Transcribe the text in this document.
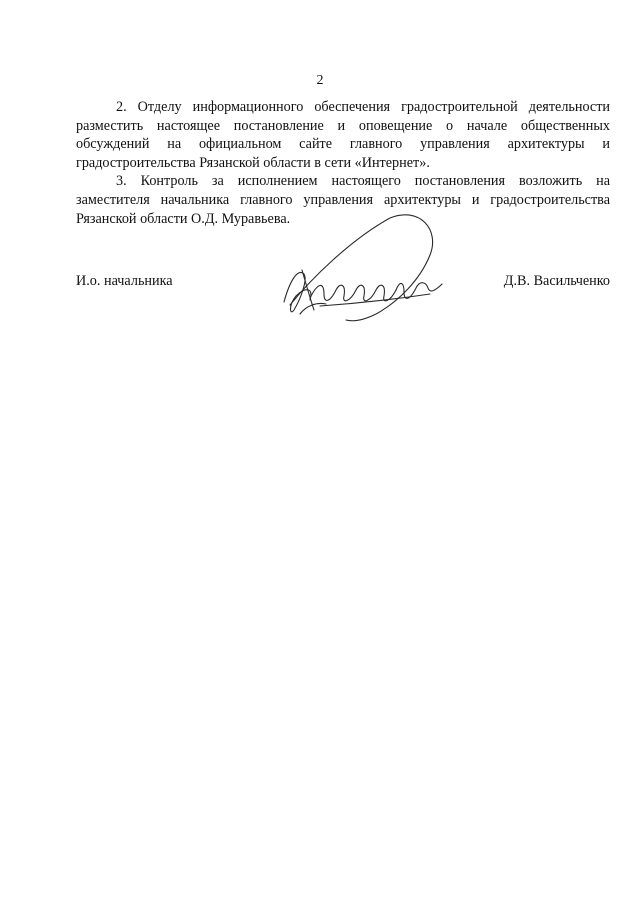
2

2. Отделу информационного обеспечения градостроительной деятельности разместить настоящее постановление и оповещение о начале общественных обсуждений на официальном сайте главного управления архитектуры и градостроительства Рязанской области в сети «Интернет».

3. Контроль за исполнением настоящего постановления возложить на заместителя начальника главного управления архитектуры и градостроительства Рязанской области О.Д. Муравьева.

И.о. начальника	Д.В. Васильченко
